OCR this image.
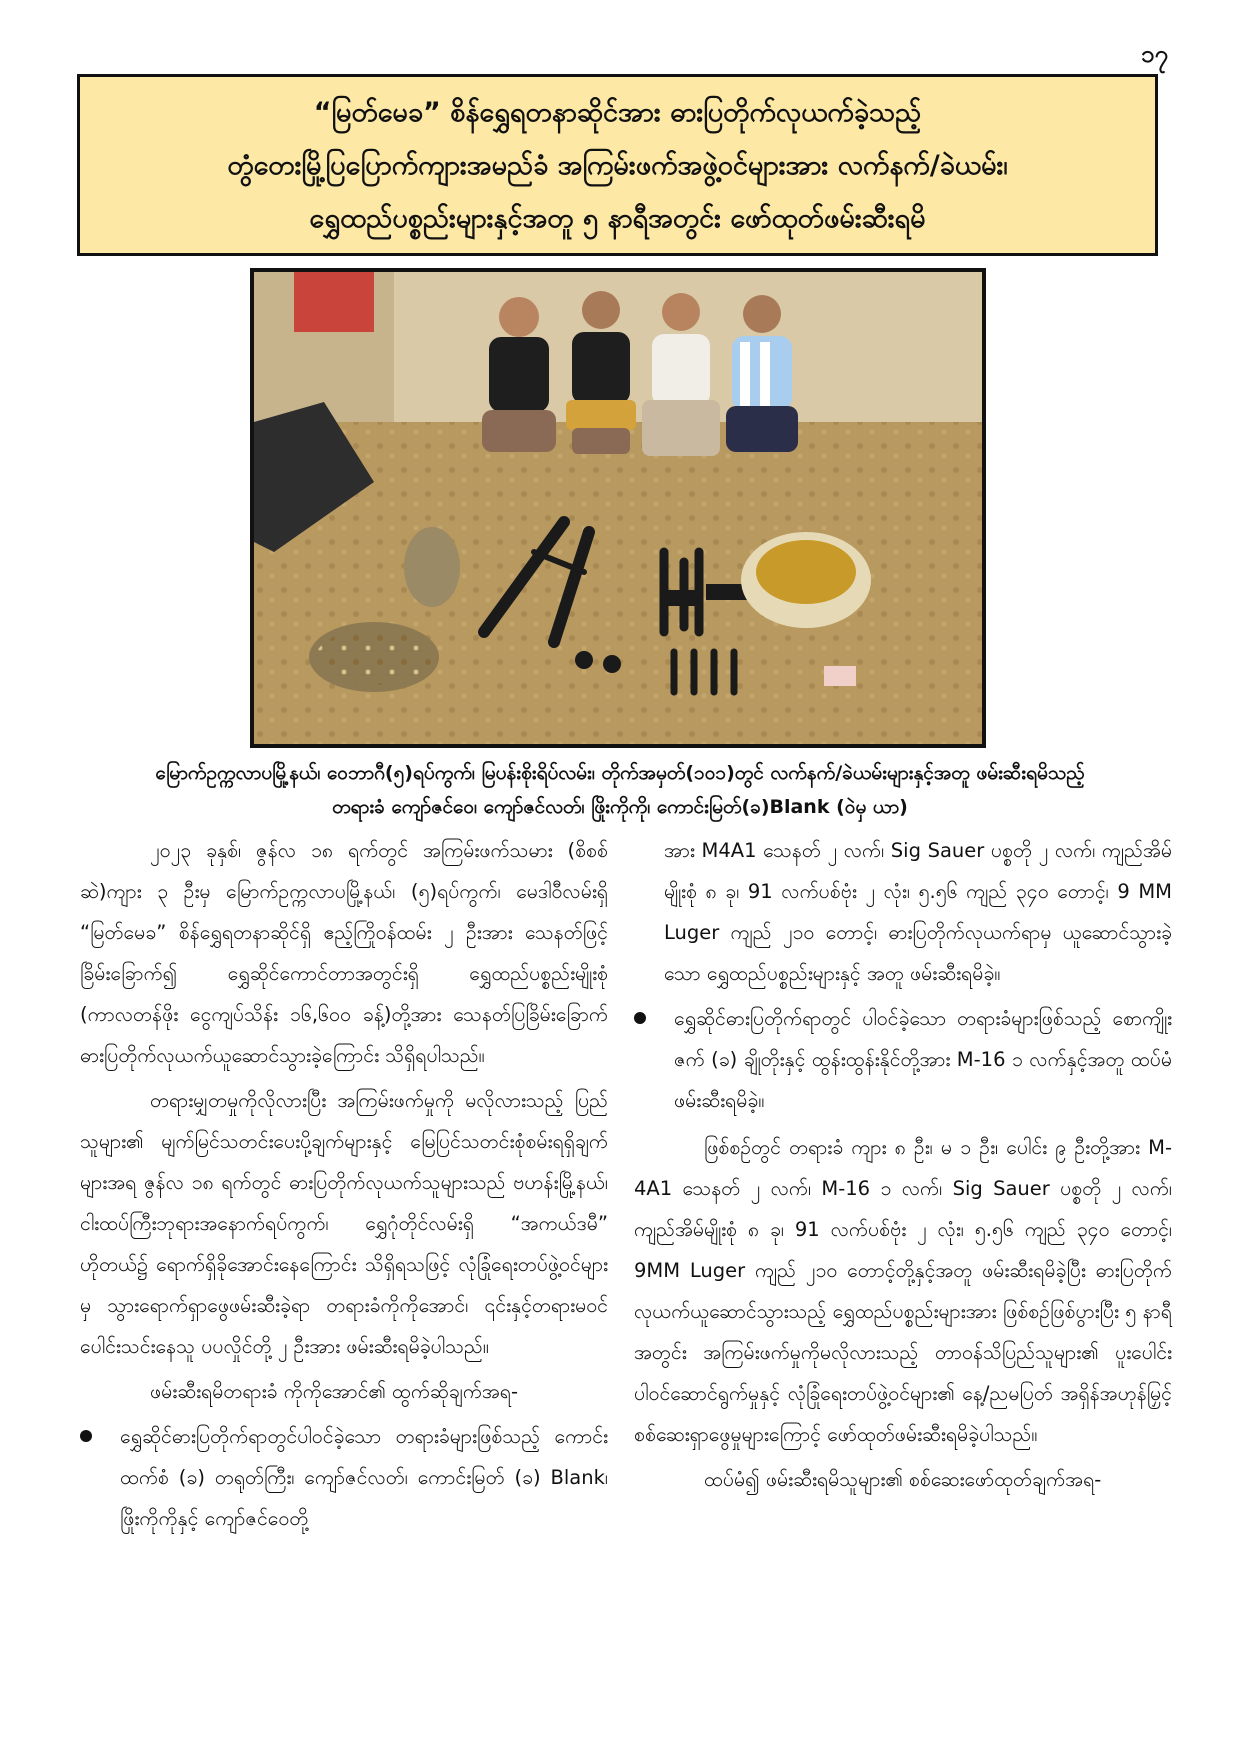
၁၇
“မြတ်မေခ” စိန်ရွှေရတနာဆိုင်အား ဓားပြတိုက်လုယက်ခဲ့သည့်
တွံတေးမြို့ပြပြောက်ကျားအမည်ခံ အကြမ်းဖက်အဖွဲ့ဝင်များအား လက်နက်/ခဲယမ်း၊
ရွှေထည်ပစ္စည်းများနှင့်အတူ ၅ နာရီအတွင်း ဖော်ထုတ်ဖမ်းဆီးရမိ
မြောက်ဥက္ကလာပမြို့နယ်၊ ဝေဘာဂီ(၅)ရပ်ကွက်၊ မြပန်းစိုးရိပ်လမ်း၊ တိုက်အမှတ်(၁၀၁)တွင် လက်နက်/ခဲယမ်းများနှင့်အတူ ဖမ်းဆီးရမိသည့်
တရားခံ ကျော်ဇင်ဝေ၊ ကျော်ဇင်လတ်၊ ဖြိုးကိုကို၊ ကောင်းမြတ်(ခ)Blank (ဝဲမှ ယာ)

၂၀၂၃ ခုနှစ်၊ ဇွန်လ ၁၈ ရက်တွင် အကြမ်းဖက်သမား (စိစစ်ဆဲ)ကျား ၃ ဦးမှ မြောက်ဥက္ကလာပမြို့နယ်၊ (၅)ရပ်ကွက်၊ မေဒါဝီလမ်းရှိ “မြတ်မေခ” စိန်ရွှေရတနာဆိုင်ရှိ ဧည့်ကြိုဝန်ထမ်း ၂ ဦးအား သေနတ်ဖြင့် ခြိမ်းခြောက်၍ ရွှေဆိုင်ကောင်တာအတွင်းရှိ ရွှေထည်ပစ္စည်းမျိုးစုံ (ကာလတန်ဖိုး ငွေကျပ်သိန်း ၁၆,၆၀၀ ခန့်)တို့အား သေနတ်ပြခြိမ်းခြောက်ဓားပြတိုက်လုယက်ယူဆောင်သွားခဲ့ကြောင်း သိရှိရပါသည်။

တရားမျှတမှုကိုလိုလားပြီး အကြမ်းဖက်မှုကို မလိုလားသည့် ပြည်သူများ၏ မျက်မြင်သတင်းပေးပို့ချက်များနှင့် မြေပြင်သတင်းစုံစမ်းရရှိချက်များအရ ဇွန်လ ၁၈ ရက်တွင် ဓားပြတိုက်လုယက်သူများသည် ဗဟန်းမြို့နယ်၊ ငါးထပ်ကြီးဘုရားအနောက်ရပ်ကွက်၊ ရွှေဂုံတိုင်လမ်းရှိ “အကယ်ဒမီ” ဟိုတယ်၌ ရောက်ရှိခိုအောင်းနေကြောင်း သိရှိရသဖြင့် လုံခြုံရေးတပ်ဖွဲ့ဝင်များမှ သွားရောက်ရှာဖွေဖမ်းဆီးခဲ့ရာ တရားခံကိုကိုအောင်၊ ၎င်းနှင့်တရားမဝင် ပေါင်းသင်းနေသူ ပပလှိုင်တို့ ၂ ဦးအား ဖမ်းဆီးရမိခဲ့ပါသည်။

ဖမ်းဆီးရမိတရားခံ ကိုကိုအောင်၏ ထွက်ဆိုချက်အရ-

ရွှေဆိုင်ဓားပြတိုက်ရာတွင်ပါဝင်ခဲ့သော တရားခံများဖြစ်သည့် ကောင်းထက်စံ (ခ) တရုတ်ကြီး၊ ကျော်ဇင်လတ်၊ ကောင်းမြတ် (ခ) Blank၊ ဖြိုးကိုကိုနှင့် ကျော်ဇင်ဝေတို့

အား M4A1 သေနတ် ၂ လက်၊ Sig Sauer ပစ္စတို ၂ လက်၊ ကျည်အိမ်မျိုးစုံ ၈ ခု၊ 91 လက်ပစ်ဗုံး ၂ လုံး၊ ၅.၅၆ ကျည် ၃၄၀ တောင့်၊ 9 MM Luger ကျည် ၂၁၀ တောင့်၊ ဓားပြတိုက်လုယက်ရာမှ ယူဆောင်သွားခဲ့သော ရွှေထည်ပစ္စည်းများနှင့် အတူ ဖမ်းဆီးရမိခဲ့။

ရွှေဆိုင်ဓားပြတိုက်ရာတွင် ပါဝင်ခဲ့သော တရားခံများဖြစ်သည့် စောကျိုးဇက် (ခ) ချိုတိုးနှင့် ထွန်းထွန်းနိုင်တို့အား M-16 ၁ လက်နှင့်အတူ ထပ်မံဖမ်းဆီးရမိခဲ့။

ဖြစ်စဉ်တွင် တရားခံ ကျား ၈ ဦး၊ မ ၁ ဦး၊ ပေါင်း ၉ ဦးတို့အား M-4A1 သေနတ် ၂ လက်၊ M-16 ၁ လက်၊ Sig Sauer ပစ္စတို ၂ လက်၊ ကျည်အိမ်မျိုးစုံ ၈ ခု၊ 91 လက်ပစ်ဗုံး ၂ လုံး၊ ၅.၅၆ ကျည် ၃၄၀ တောင့်၊ 9MM Luger ကျည် ၂၁၀ တောင့်တို့နှင့်အတူ ဖမ်းဆီးရမိခဲ့ပြီး ဓားပြတိုက်လုယက်ယူဆောင်သွားသည့် ရွှေထည်ပစ္စည်းများအား ဖြစ်စဉ်ဖြစ်ပွားပြီး ၅ နာရီအတွင်း အကြမ်းဖက်မှုကိုမလိုလားသည့် တာဝန်သိပြည်သူများ၏ ပူးပေါင်းပါဝင်ဆောင်ရွက်မှုနှင့် လုံခြုံရေးတပ်ဖွဲ့ဝင်များ၏ နေ့/ညမပြတ် အရှိန်အဟုန်မြှင့်စစ်ဆေးရှာဖွေမှုများကြောင့် ဖော်ထုတ်ဖမ်းဆီးရမိခဲ့ပါသည်။

ထပ်မံ၍ ဖမ်းဆီးရမိသူများ၏ စစ်ဆေးဖော်ထုတ်ချက်အရ-
